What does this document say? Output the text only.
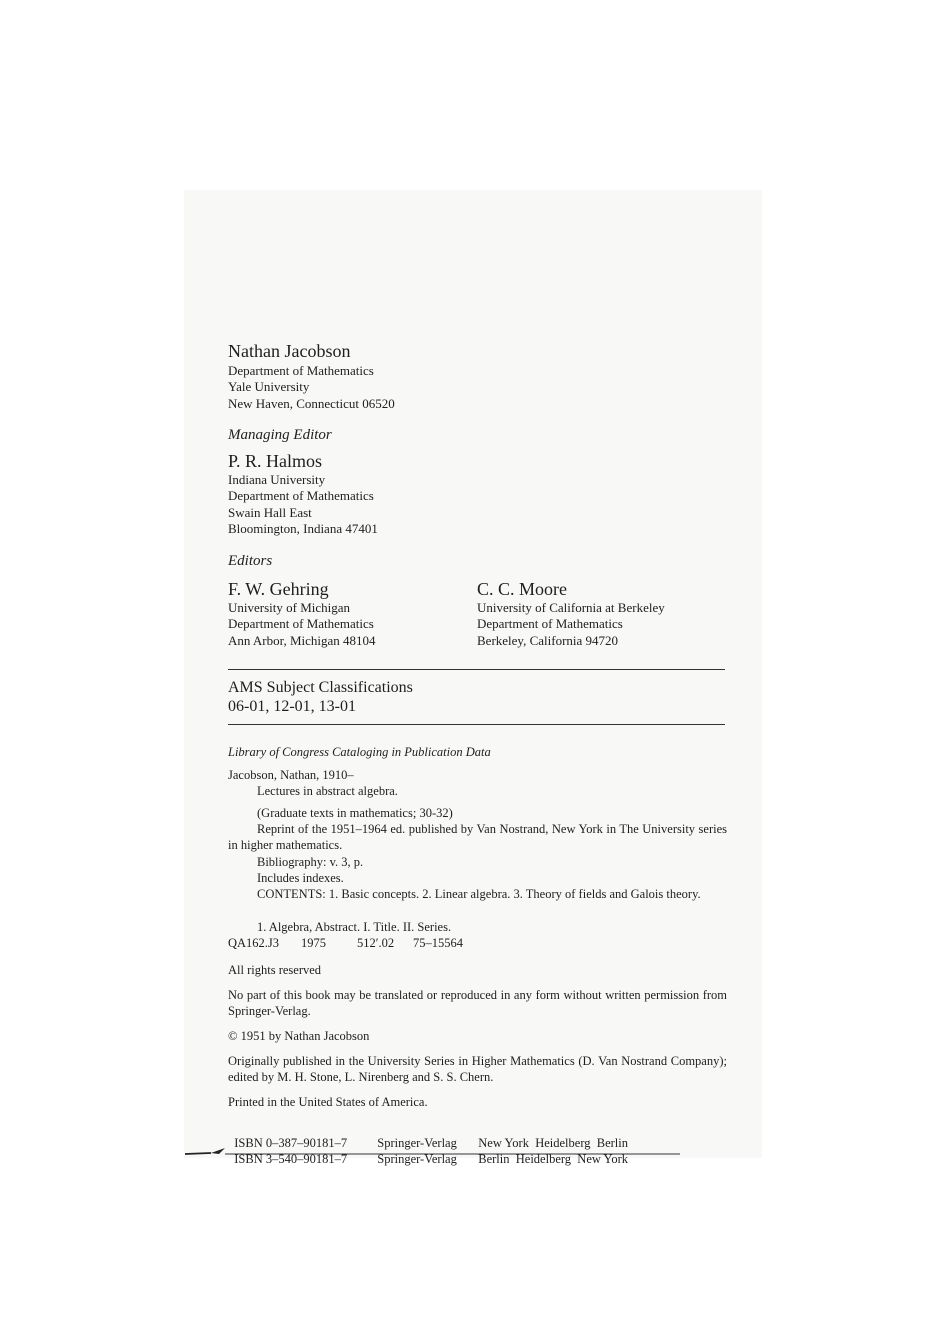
Nathan Jacobson
Department of Mathematics
Yale University
New Haven, Connecticut 06520
Managing Editor
P. R. Halmos
Indiana University
Department of Mathematics
Swain Hall East
Bloomington, Indiana 47401
Editors
F. W. Gehring
University of Michigan
Department of Mathematics
Ann Arbor, Michigan 48104
C. C. Moore
University of California at Berkeley
Department of Mathematics
Berkeley, California 94720
AMS Subject Classifications
06-01, 12-01, 13-01
Library of Congress Cataloging in Publication Data
Jacobson, Nathan, 1910–
Lectures in abstract algebra.
(Graduate texts in mathematics; 30-32)
Reprint of the 1951–1964 ed. published by Van Nostrand, New York in The University series in higher mathematics.
Bibliography: v. 3, p.
Includes indexes.
CONTENTS: 1. Basic concepts. 2. Linear algebra. 3. Theory of fields and Galois theory.
1. Algebra, Abstract. I. Title. II. Series.
QA162.J3 1975 512′.02 75–15564
All rights reserved
No part of this book may be translated or reproduced in any form without written permission from Springer-Verlag.
© 1951 by Nathan Jacobson
Originally published in the University Series in Higher Mathematics (D. Van Nostrand Company); edited by M. H. Stone, L. Nirenberg and S. S. Chern.
Printed in the United States of America.

ISBN 0–387–90181–7 Springer-Verlag New York  Heidelberg  Berlin

ISBN 3–540–90181–7 Springer-Verlag Berlin  Heidelberg  New York
